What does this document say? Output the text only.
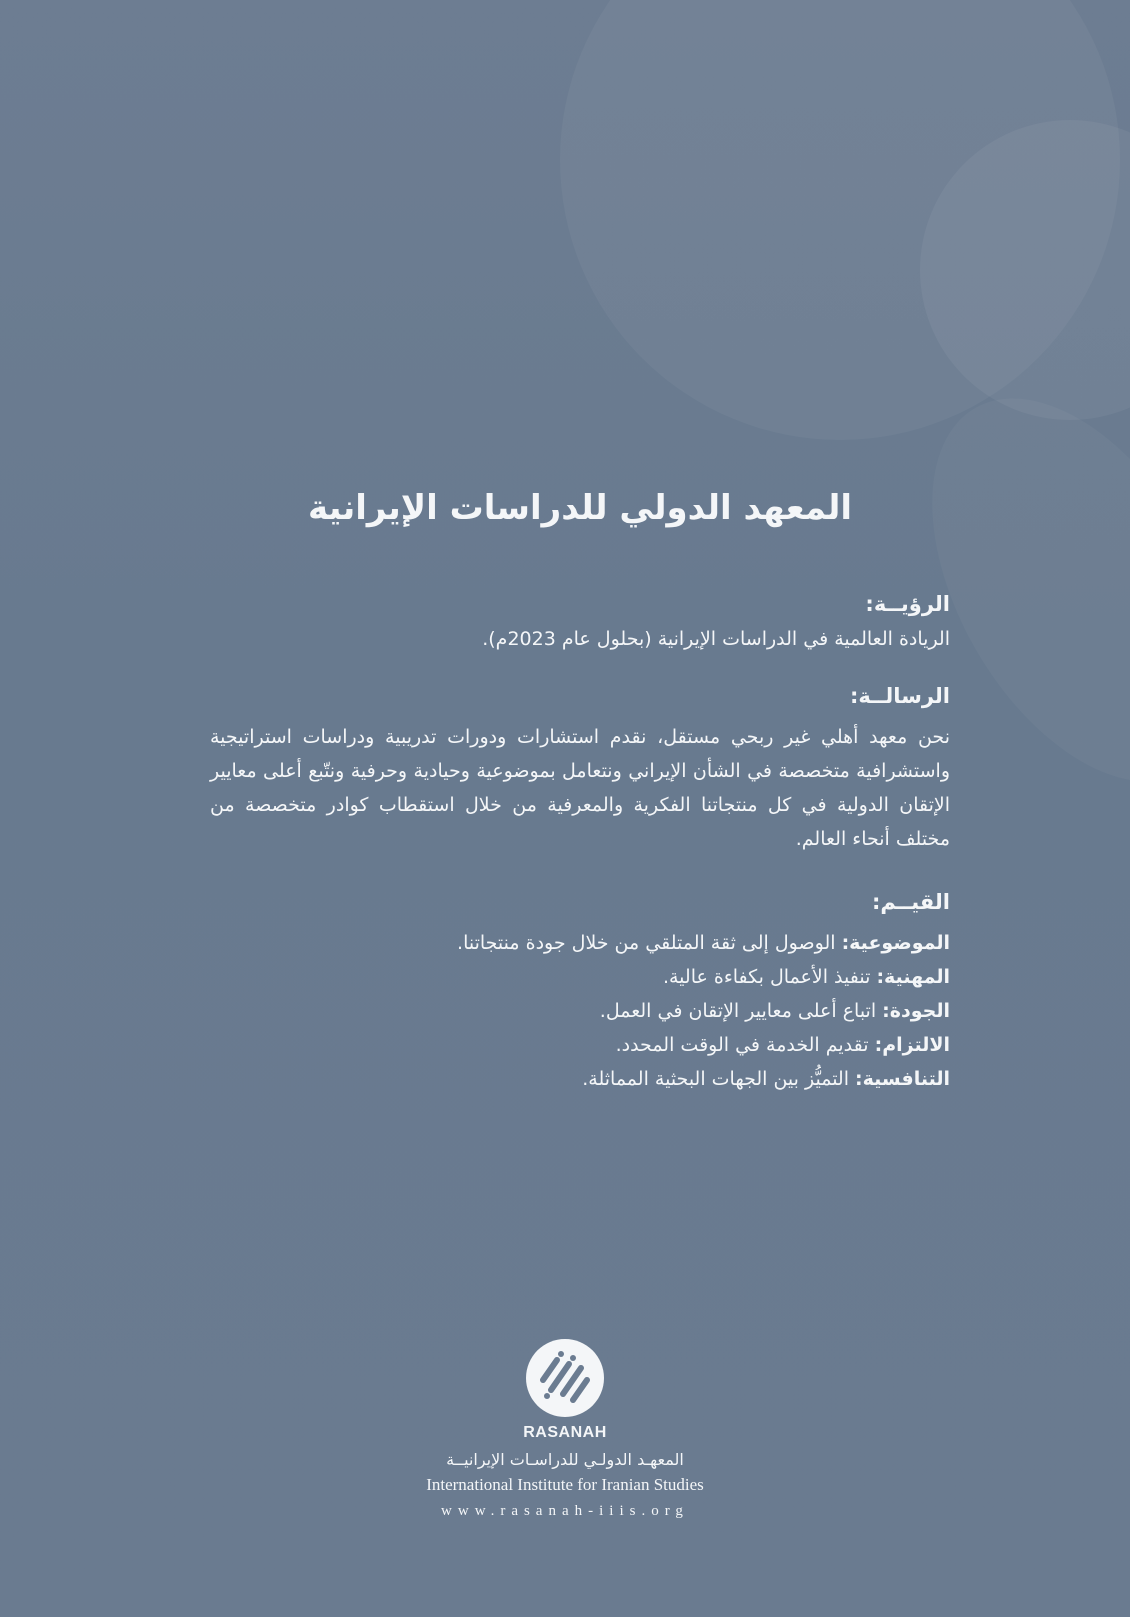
المعهد الدولي للدراسات الإيرانية
الرؤيــة:

الريادة العالمية في الدراسات الإيرانية (بحلول عام 2023م).

الرسالــة:

نحن معهد أهلي غير ربحي مستقل، نقدم استشارات ودورات تدريبية ودراسات استراتيجية واستشرافية متخصصة في الشأن الإيراني ونتعامل بموضوعية وحيادية وحرفية ونتّبع أعلى معايير الإتقان الدولية في كل منتجاتنا الفكرية والمعرفية من خلال استقطاب كوادر متخصصة من مختلف أنحاء العالم.

القيــم:
الموضوعية: الوصول إلى ثقة المتلقي من خلال جودة منتجاتنا.
المهنية: تنفيذ الأعمال بكفاءة عالية.
الجودة: اتباع أعلى معايير الإتقان في العمل.
الالتزام: تقديم الخدمة في الوقت المحدد.
التنافسية: التميُّز بين الجهات البحثية المماثلة.
RASANAH
المعهـد الدولـي للدراسـات الإيرانيــة
International Institute for Iranian Studies
www.rasanah-iiis.org
